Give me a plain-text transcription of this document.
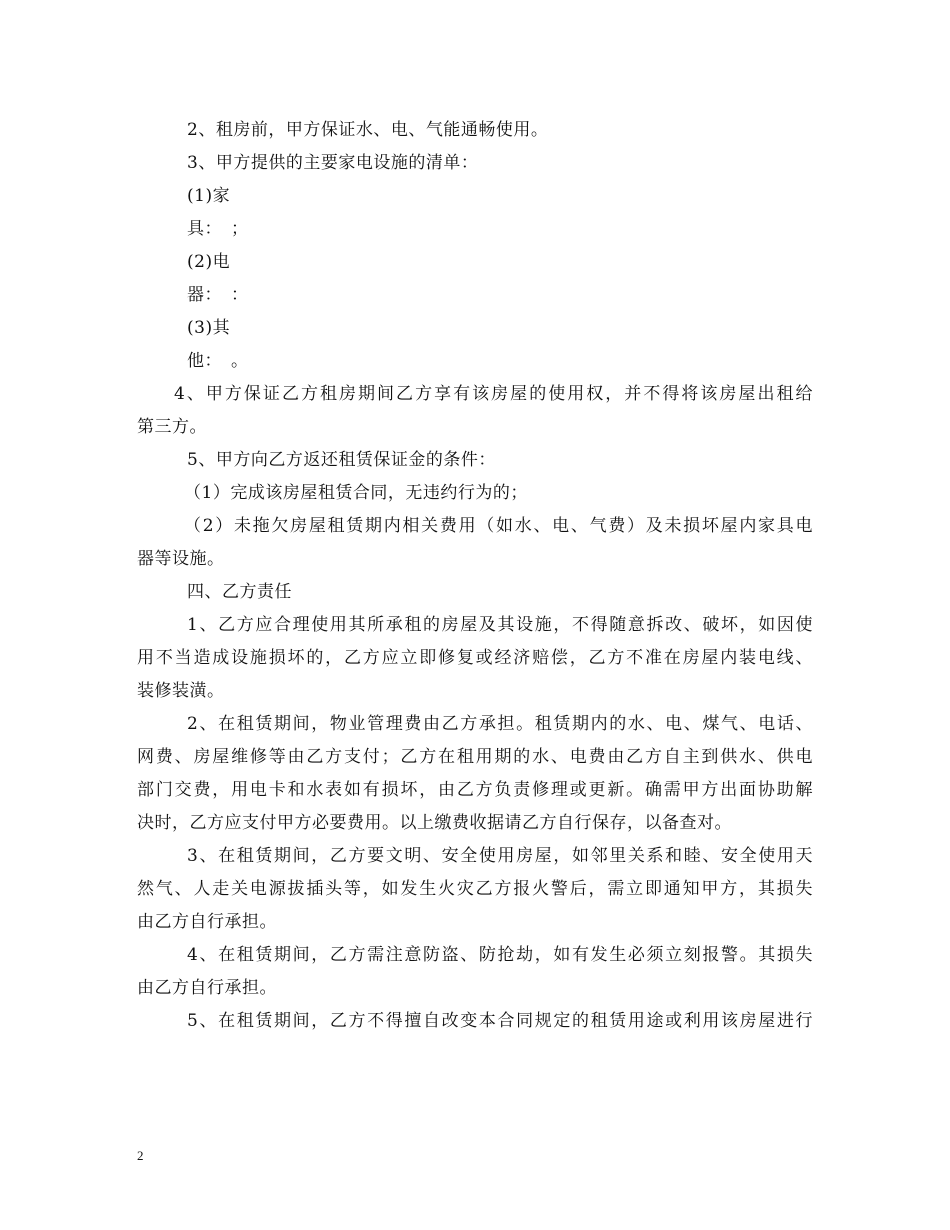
2、租房前，甲方保证水、电、气能通畅使用。
3、甲方提供的主要家电设施的清单：
(1)家
具：　；
(2)电
器：　：
(3)其
他：　。
4、甲方保证乙方租房期间乙方享有该房屋的使用权，并不得将该房屋出租给
第三方。
5、甲方向乙方返还租赁保证金的条件：
（1）完成该房屋租赁合同，无违约行为的；
（2）未拖欠房屋租赁期内相关费用（如水、电、气费）及未损坏屋内家具电
器等设施。
四、乙方责任
1、乙方应合理使用其所承租的房屋及其设施，不得随意拆改、破坏，如因使
用不当造成设施损坏的，乙方应立即修复或经济赔偿，乙方不准在房屋内装电线、
装修装潢。
2、在租赁期间，物业管理费由乙方承担。租赁期内的水、电、煤气、电话、
网费、房屋维修等由乙方支付；乙方在租用期的水、电费由乙方自主到供水、供电
部门交费，用电卡和水表如有损坏，由乙方负责修理或更新。确需甲方出面协助解
决时，乙方应支付甲方必要费用。以上缴费收据请乙方自行保存，以备查对。
3、在租赁期间，乙方要文明、安全使用房屋，如邻里关系和睦、安全使用天
然气、人走关电源拔插头等，如发生火灾乙方报火警后，需立即通知甲方，其损失
由乙方自行承担。
4、在租赁期间，乙方需注意防盗、防抢劫，如有发生必须立刻报警。其损失
由乙方自行承担。
5、在租赁期间，乙方不得擅自改变本合同规定的租赁用途或利用该房屋进行
2
